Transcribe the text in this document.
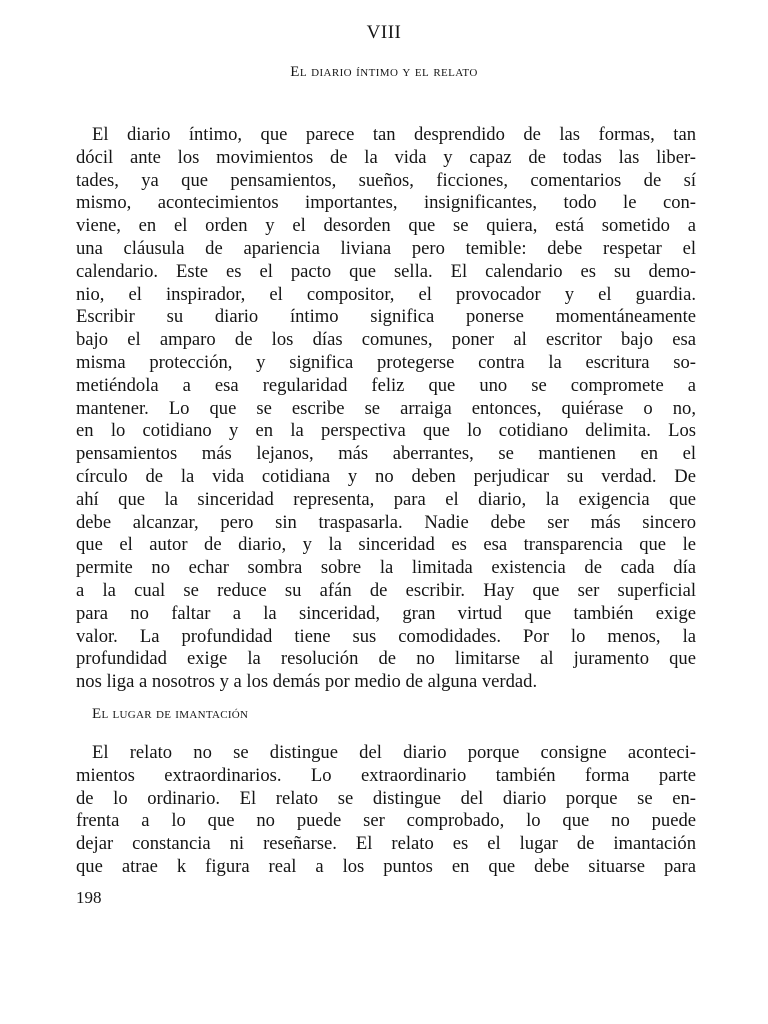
VIII
El diario íntimo y el relato
El diario íntimo, que parece tan desprendido de las formas, tan
dócil ante los movimientos de la vida y capaz de todas las liber-
tades, ya que pensamientos, sueños, ficciones, comentarios de sí
mismo, acontecimientos importantes, insignificantes, todo le con-
viene, en el orden y el desorden que se quiera, está sometido a
una cláusula de apariencia liviana pero temible: debe respetar el
calendario. Este es el pacto que sella. El calendario es su demo-
nio, el inspirador, el compositor, el provocador y el guardia.
Escribir su diario íntimo significa ponerse momentáneamente
bajo el amparo de los días comunes, poner al escritor bajo esa
misma protección, y significa protegerse contra la escritura so-
metiéndola a esa regularidad feliz que uno se compromete a
mantener. Lo que se escribe se arraiga entonces, quiérase o no,
en lo cotidiano y en la perspectiva que lo cotidiano delimita. Los
pensamientos más lejanos, más aberrantes, se mantienen en el
círculo de la vida cotidiana y no deben perjudicar su verdad. De
ahí que la sinceridad representa, para el diario, la exigencia que
debe alcanzar, pero sin traspasarla. Nadie debe ser más sincero
que el autor de diario, y la sinceridad es esa transparencia que le
permite no echar sombra sobre la limitada existencia de cada día
a la cual se reduce su afán de escribir. Hay que ser superficial
para no faltar a la sinceridad, gran virtud que también exige
valor. La profundidad tiene sus comodidades. Por lo menos, la
profundidad exige la resolución de no limitarse al juramento que
nos liga a nosotros y a los demás por medio de alguna verdad.
El lugar de imantación
El relato no se distingue del diario porque consigne aconteci-
mientos extraordinarios. Lo extraordinario también forma parte
de lo ordinario. El relato se distingue del diario porque se en-
frenta a lo que no puede ser comprobado, lo que no puede
dejar constancia ni reseñarse. El relato es el lugar de imantación
que atrae k figura real a los puntos en que debe situarse para
198
